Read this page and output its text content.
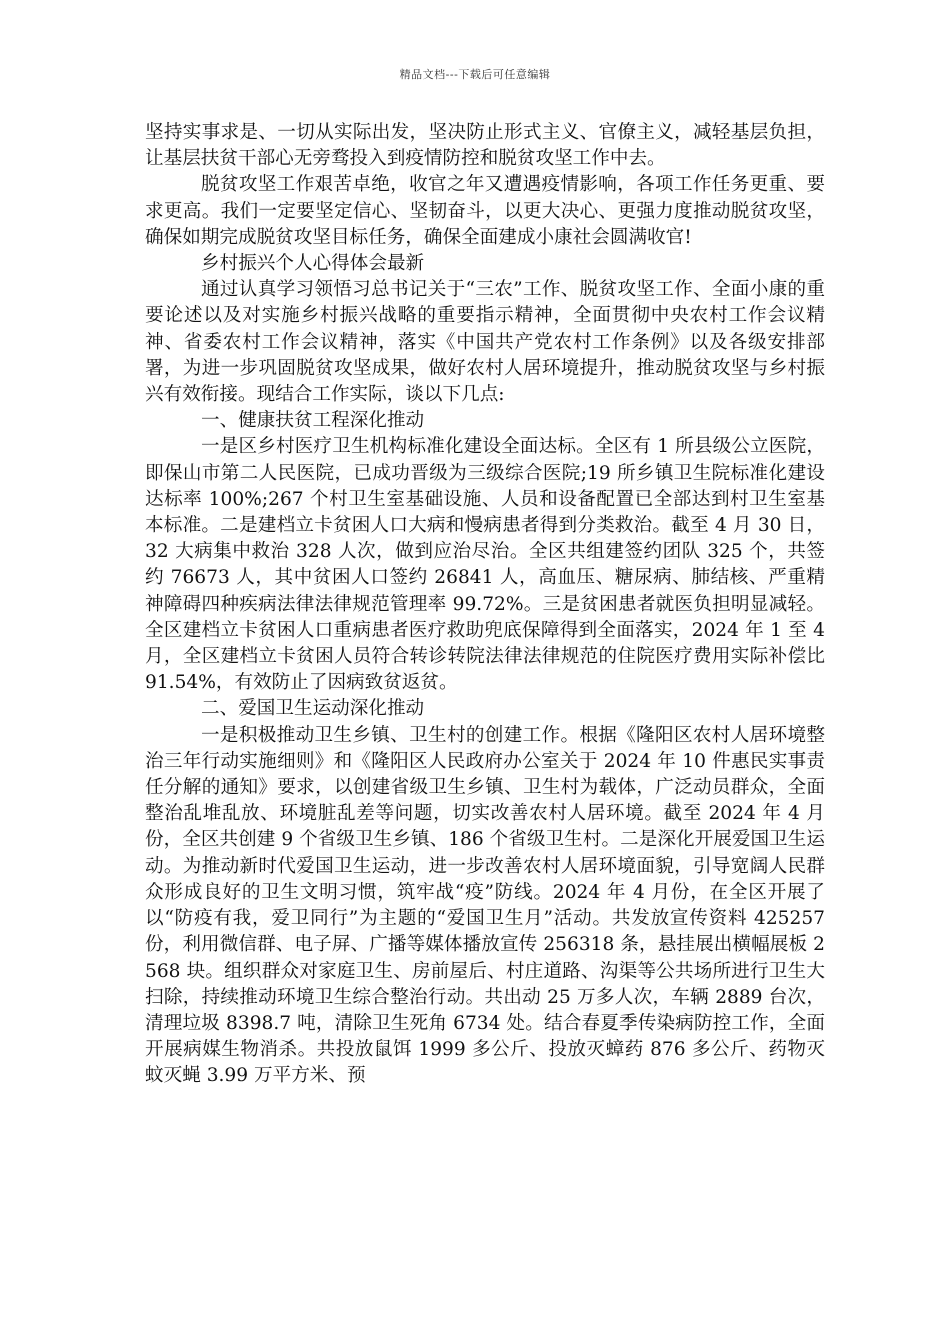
精品文档---下载后可任意编辑

坚持实事求是、一切从实际出发，坚决防止形式主义、官僚主义，减轻基层负担，让基层扶贫干部心无旁骛投入到疫情防控和脱贫攻坚工作中去。

脱贫攻坚工作艰苦卓绝，收官之年又遭遇疫情影响，各项工作任务更重、要求更高。我们一定要坚定信心、坚韧奋斗，以更大决心、更强力度推动脱贫攻坚，确保如期完成脱贫攻坚目标任务，确保全面建成小康社会圆满收官!

乡村振兴个人心得体会最新

通过认真学习领悟习总书记关于“三农”工作、脱贫攻坚工作、全面小康的重要论述以及对实施乡村振兴战略的重要指示精神，全面贯彻中央农村工作会议精神、省委农村工作会议精神，落实《中国共产党农村工作条例》以及各级安排部署，为进一步巩固脱贫攻坚成果，做好农村人居环境提升，推动脱贫攻坚与乡村振兴有效衔接。现结合工作实际，谈以下几点:

一、健康扶贫工程深化推动

一是区乡村医疗卫生机构标准化建设全面达标。全区有 1 所县级公立医院，即保山市第二人民医院，已成功晋级为三级综合医院;19 所乡镇卫生院标准化建设达标率 100%;267 个村卫生室基础设施、人员和设备配置已全部达到村卫生室基本标准。二是建档立卡贫困人口大病和慢病患者得到分类救治。截至 4 月 30 日，32 大病集中救治 328 人次，做到应治尽治。全区共组建签约团队 325 个，共签约 76673 人，其中贫困人口签约 26841 人，高血压、糖尿病、肺结核、严重精神障碍四种疾病法律法律规范管理率 99.72%。三是贫困患者就医负担明显减轻。全区建档立卡贫困人口重病患者医疗救助兜底保障得到全面落实，2024 年 1 至 4 月，全区建档立卡贫困人员符合转诊转院法律法律规范的住院医疗费用实际补偿比 91.54%，有效防止了因病致贫返贫。

二、爱国卫生运动深化推动

一是积极推动卫生乡镇、卫生村的创建工作。根据《隆阳区农村人居环境整治三年行动实施细则》和《隆阳区人民政府办公室关于 2024 年 10 件惠民实事责任分解的通知》要求，以创建省级卫生乡镇、卫生村为载体，广泛动员群众，全面整治乱堆乱放、环境脏乱差等问题，切实改善农村人居环境。截至 2024 年 4 月份，全区共创建 9 个省级卫生乡镇、186 个省级卫生村。二是深化开展爱国卫生运动。为推动新时代爱国卫生运动，进一步改善农村人居环境面貌，引导宽阔人民群众形成良好的卫生文明习惯，筑牢战“疫”防线。2024 年 4 月份，在全区开展了以“防疫有我，爱卫同行”为主题的“爱国卫生月”活动。共发放宣传资料 425257 份，利用微信群、电子屏、广播等媒体播放宣传 256318 条，悬挂展出横幅展板 2568 块。组织群众对家庭卫生、房前屋后、村庄道路、沟渠等公共场所进行卫生大扫除，持续推动环境卫生综合整治行动。共出动 25 万多人次，车辆 2889 台次，清理垃圾 8398.7 吨，清除卫生死角 6734 处。结合春夏季传染病防控工作，全面开展病媒生物消杀。共投放鼠饵 1999 多公斤、投放灭蟑药 876 多公斤、药物灭蚊灭蝇 3.99 万平方米、预
